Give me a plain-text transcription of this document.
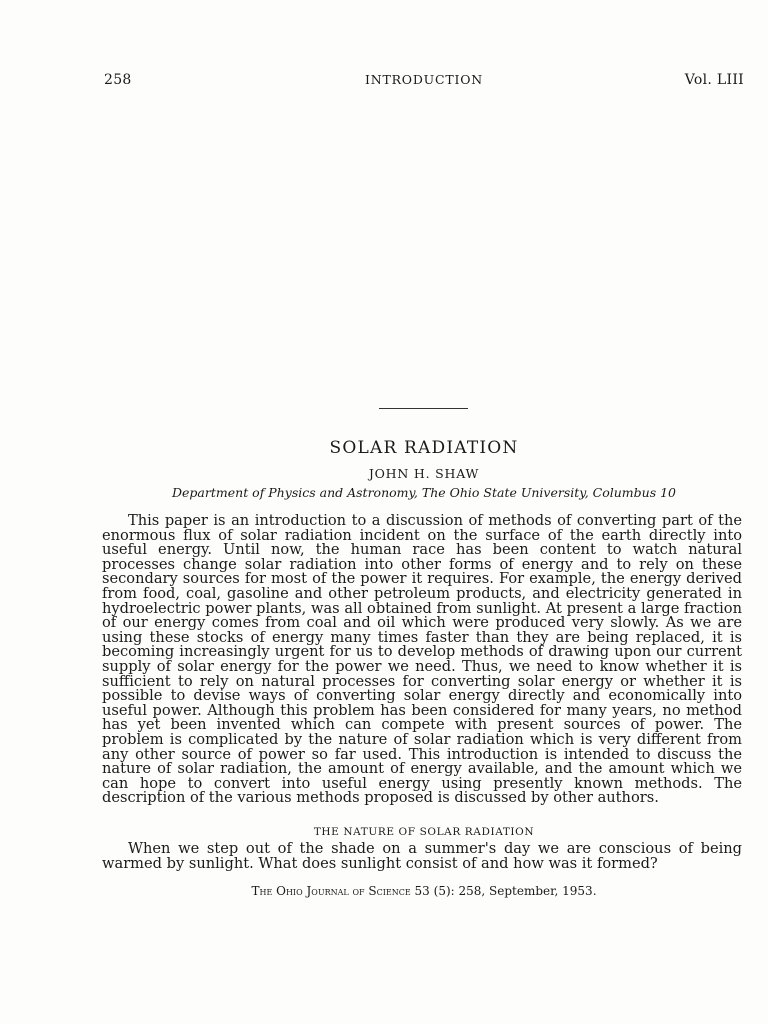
258	INTRODUCTION	Vol. LIII
SOLAR RADIATION
JOHN H. SHAW
Department of Physics and Astronomy, The Ohio State University, Columbus 10

This paper is an introduction to a discussion of methods of converting part of the enormous flux of solar radiation incident on the surface of the earth directly into useful energy. Until now, the human race has been content to watch natural processes change solar radiation into other forms of energy and to rely on these secondary sources for most of the power it requires. For example, the energy derived from food, coal, gasoline and other petroleum products, and electricity generated in hydroelectric power plants, was all obtained from sunlight. At present a large fraction of our energy comes from coal and oil which were produced very slowly. As we are using these stocks of energy many times faster than they are being replaced, it is becoming increasingly urgent for us to develop methods of drawing upon our current supply of solar energy for the power we need. Thus, we need to know whether it is sufficient to rely on natural processes for converting solar energy or whether it is possible to devise ways of converting solar energy directly and economically into useful power. Although this problem has been considered for many years, no method has yet been invented which can compete with present sources of power. The problem is complicated by the nature of solar radiation which is very different from any other source of power so far used. This introduction is intended to discuss the nature of solar radiation, the amount of energy available, and the amount which we can hope to convert into useful energy using presently known methods. The description of the various methods proposed is discussed by other authors.

THE NATURE OF SOLAR RADIATION

When we step out of the shade on a summer's day we are conscious of being warmed by sunlight. What does sunlight consist of and how was it formed?

The Ohio Journal of Science 53 (5): 258, September, 1953.
